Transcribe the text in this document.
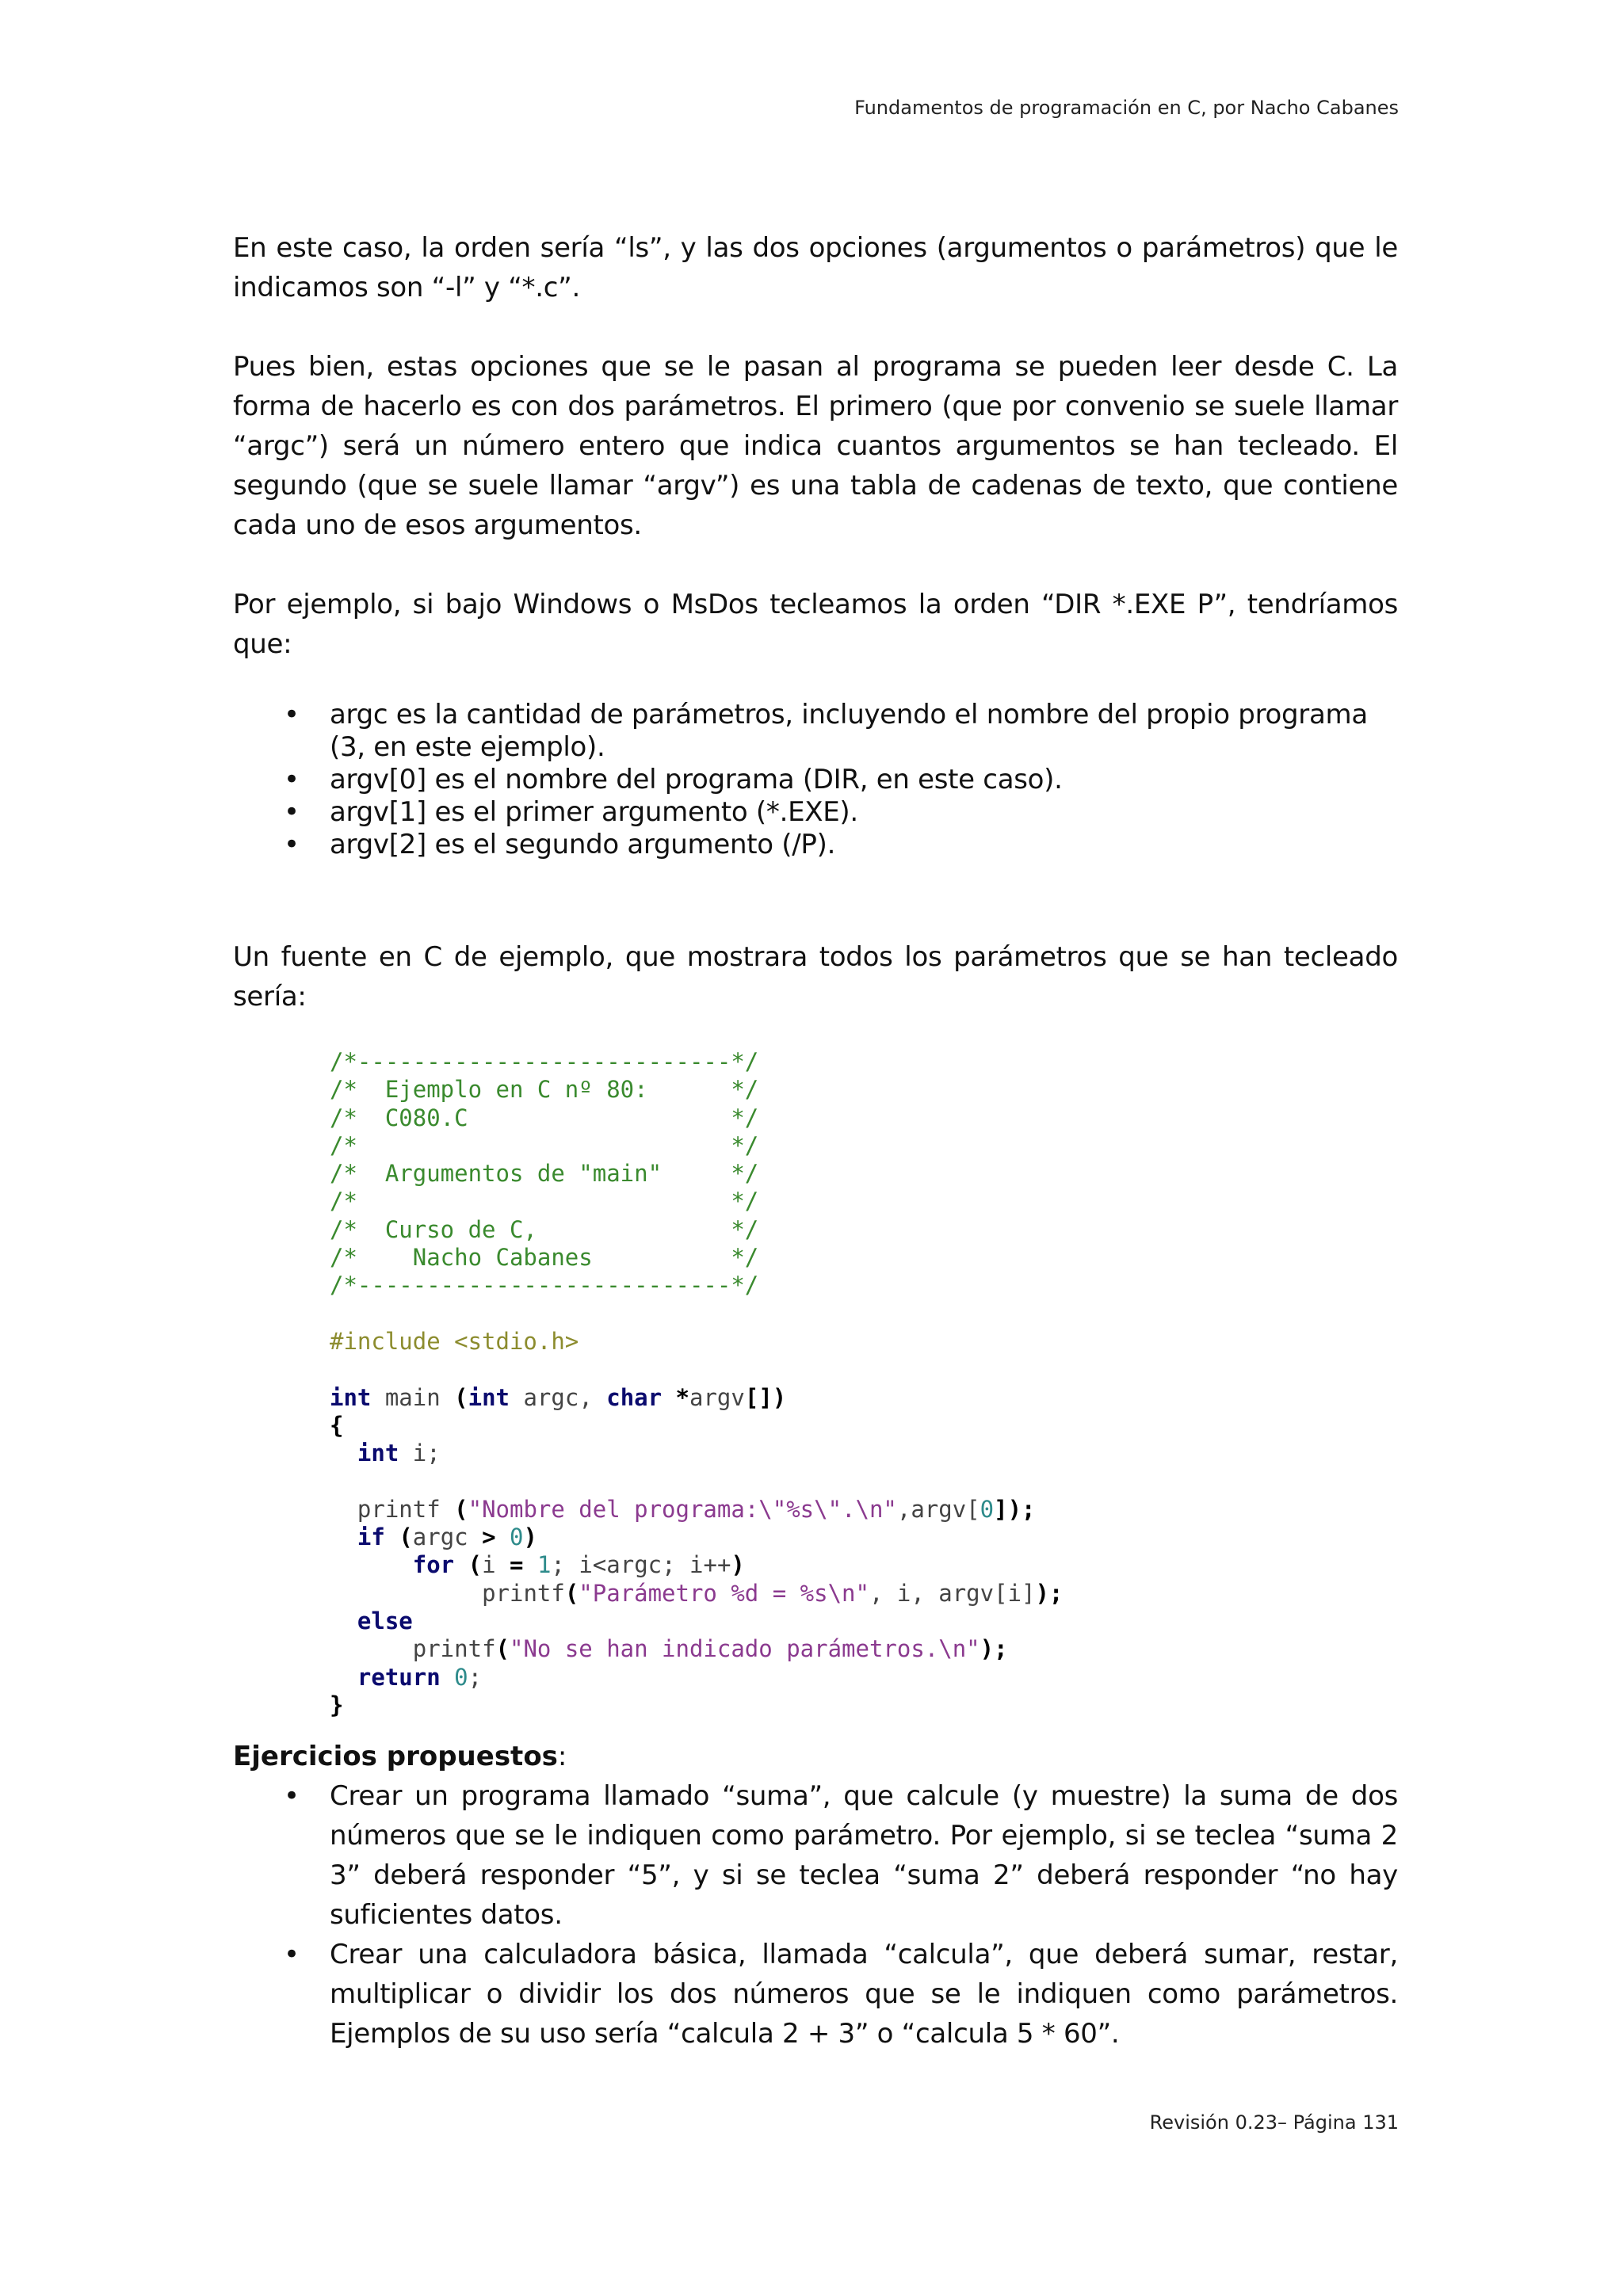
Fundamentos de programación en C, por Nacho Cabanes

En este caso, la orden sería “ls”, y las dos opciones (argumentos o parámetros) que le indicamos son “-l” y “*.c”.

Pues bien, estas opciones que se le pasan al programa se pueden leer desde C. La forma de hacerlo es con dos parámetros. El primero (que por convenio se suele llamar “argc”) será un número entero que indica cuantos argumentos se han tecleado. El segundo (que se suele llamar “argv”) es una tabla de cadenas de texto, que contiene cada uno de esos argumentos.

Por ejemplo, si bajo Windows o MsDos tecleamos la orden “DIR *.EXE P”, tendríamos que:

• argc es la cantidad de parámetros, incluyendo el nombre del propio programa (3, en este ejemplo).
• argv[0] es el nombre del programa (DIR, en este caso).
• argv[1] es el primer argumento (*.EXE).
• argv[2] es el segundo argumento (/P).

Un fuente en C de ejemplo, que mostrara todos los parámetros que se han tecleado sería:

/*---------------------------*/
/*  Ejemplo en C nº 80:      */
/*  C080.C                   */
/*                           */
/*  Argumentos de "main"     */
/*                           */
/*  Curso de C,              */
/*    Nacho Cabanes          */
/*---------------------------*/

#include <stdio.h>

int main (int argc, char *argv[])
{
int i;

printf ("Nombre del programa:\"%s\".\n",argv[0]);
if (argc > 0)
for (i = 1; i<argc; i++)
printf("Parámetro %d = %s\n", i, argv[i]);
else
printf("No se han indicado parámetros.\n");
return 0;
}
Ejercicios propuestos:
• Crear un programa llamado “suma”, que calcule (y muestre) la suma de dos números que se le indiquen como parámetro. Por ejemplo, si se teclea “suma 2 3” deberá responder “5”, y si se teclea “suma 2” deberá responder “no hay suficientes datos.
• Crear una calculadora básica, llamada “calcula”, que deberá sumar, restar, multiplicar o dividir los dos números que se le indiquen como parámetros. Ejemplos de su uso sería “calcula 2 + 3” o “calcula 5 * 60”.
Revisión 0.23– Página 131
